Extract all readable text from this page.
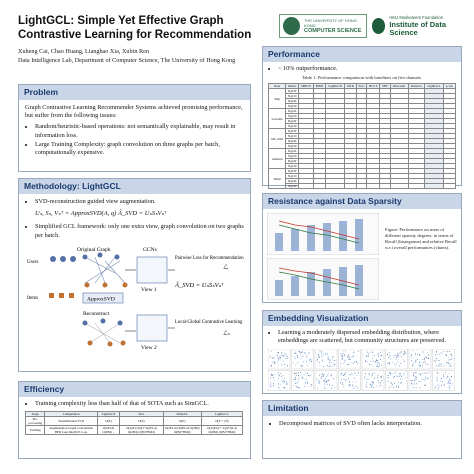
LightGCL: Simple Yet Effective Graph Contrastive Learning for Recommendation
Xuheng Cai, Chao Huang, Lianghao Xia, Xubin Ren
Data Intelligence Lab, Department of Computer Science, The University of Hong Kong
THE UNIVERSITY OF HONG KONG
COMPUTER SCIENCE
HKU Musketeers Foundation
Institute of Data Science
Problem

Graph Contrastive Learning Recommender Systems achieved promising performance, but suffer from the following issues:

• Random/heuristic-based operations: not semantically explainable, may result in information loss.
• Large Training Complexity: graph convolution on three graphs per batch, computationally expensive.
Methodology: LightGCL
• SVD-reconstruction guided view augmentation.
Uₛ, Sₛ, Vₛᵀ = ApproxSVD(A, q) Â_SVD = UₛSₛVₛᵀ
• Simplified GCL framework: only one extra view, graph convolution on two graphs per batch.
Original Graph
Users
Items	ApproxSVD
Reconstruct
GCNs
View 1
View 2
Pairwise Loss for Recommendation
ℒᵣ
Â_SVD = UₛSₛVₛᵀ
Local-Global Contrastive Learning
ℒₛ
Efficiency
• Training complexity less than half of that of SOTA such as SimGCL.
Stage	Computation	LightGCN	SGL	SimGCL	LightGCL
Pre-processing	Normalization SVD	O(E)	O(E)	O(E)	O(E + q²I)
Training	Augmentation Graph Convolution BPR Loss InfoNCE Loss	O(2ELd) O(2Bd) –	O(4ρE) O(2(1+2ρ)ELd) O(2Bd) O(Bd+BMd)	O(2ELd) O(6ELd) O(2Bd) O(Bd+BMd)	O(2qELd + 2q(I+J)Ld) O(2Bd) O(Bd+BMd)
Performance
• ~ 10% outperformance.
Table 1: Performance comparison with baselines on five datasets.
Data	Metric	MHCN	BiNN	LightGCN	MCR	SGL	HCCF	SHT	DirectAU	SimGCL	LightGCL	p-val.
Yelp	R@20											
	N@20											
	R@40											
	N@40											
Gowalla	R@20											
	N@20											
	R@40											
	N@40											
ML-10M	R@20											
	N@20											
	R@40											
	N@40											
Amazon	R@20											
	N@20											
	R@40											
	N@40											
Tmall	R@20											
	N@20											
	R@40											
	N@40											
Resistance against Data Sparsity
Figure: Performance on users of different sparsity degrees, in terms of Recall (histograms) and relative Recall w.r.t overall performances (charts).
Embedding Visualization
• Learning a moderately dispersed embedding distribution, where embeddings are scattered, but community structures are preserved.
Limitation
• Decomposed matrices of SVD often lacks interpretation.
